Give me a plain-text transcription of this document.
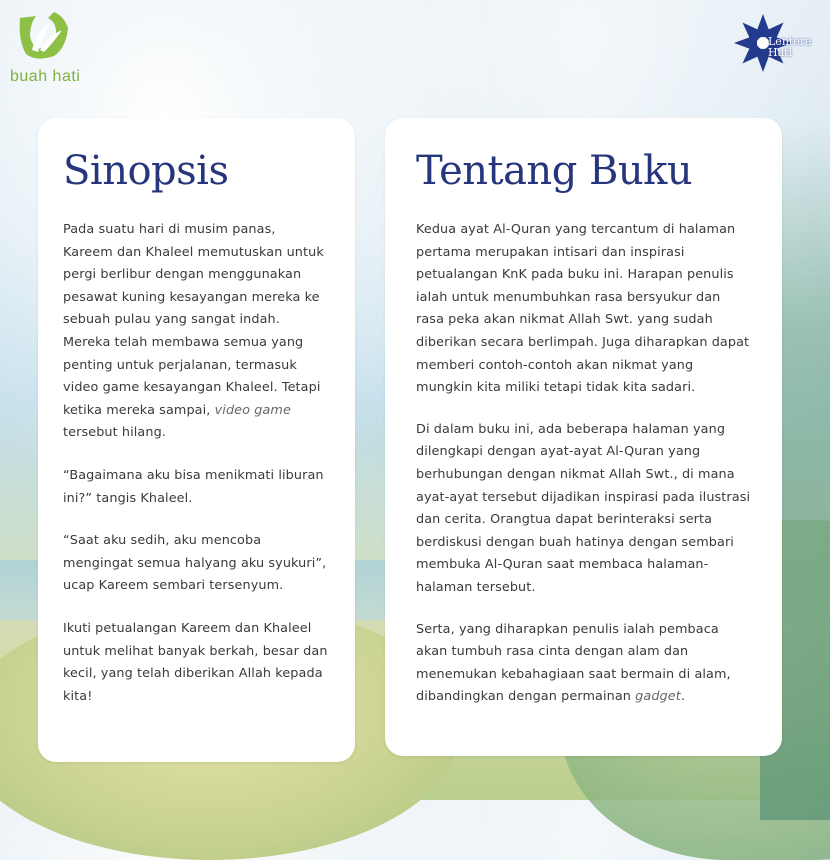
buah hati
Lentera Hati
Sinopsis

Pada suatu hari di musim panas, Kareem dan Khaleel memutuskan untuk pergi berlibur dengan menggunakan pesawat kuning kesayangan mereka ke sebuah pulau yang sangat indah. Mereka telah membawa semua yang penting untuk perjalanan, termasuk video game kesayangan Khaleel. Tetapi ketika mereka sampai, video game tersebut hilang.

“Bagaimana aku bisa menikmati liburan ini?” tangis Khaleel.

“Saat aku sedih, aku mencoba mengingat semua halyang aku syukuri”, ucap Kareem sembari tersenyum.

Ikuti petualangan Kareem dan Khaleel untuk melihat banyak berkah, besar dan kecil, yang telah diberikan Allah kepada kita!

Tentang Buku

Kedua ayat Al-Quran yang tercantum di halaman pertama merupakan intisari dan inspirasi petualangan KnK pada buku ini. Harapan penulis ialah untuk menumbuhkan rasa bersyukur dan rasa peka akan nikmat Allah Swt. yang sudah diberikan secara berlimpah. Juga diharapkan dapat memberi contoh-contoh akan nikmat yang mungkin kita miliki tetapi tidak kita sadari.

Di dalam buku ini, ada beberapa halaman yang dilengkapi dengan ayat-ayat Al-Quran yang berhubungan dengan nikmat Allah Swt., di mana ayat-ayat tersebut dijadikan inspirasi pada ilustrasi dan cerita. Orangtua dapat berinteraksi serta berdiskusi dengan buah hatinya dengan sembari membuka Al-Quran saat membaca halaman-halaman tersebut.

Serta, yang diharapkan penulis ialah pembaca akan tumbuh rasa cinta dengan alam dan menemukan kebahagiaan saat bermain di alam, dibandingkan dengan permainan gadget.
